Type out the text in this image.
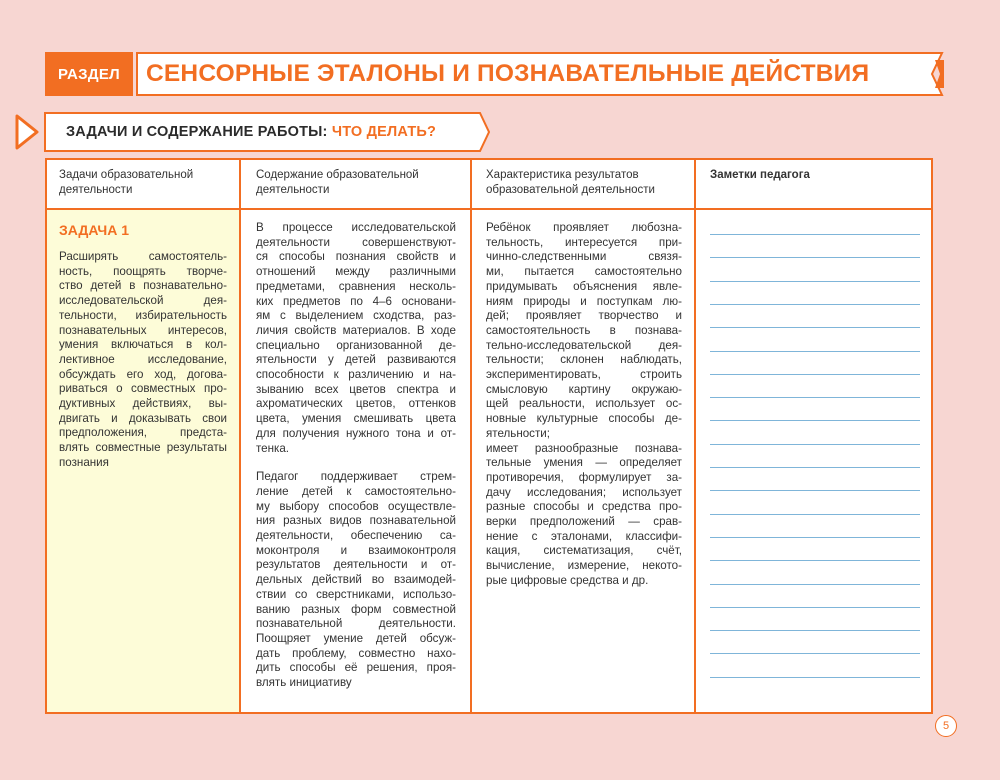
РАЗДЕЛ	СЕНСОРНЫЕ ЭТАЛОНЫ И ПОЗНАВАТЕЛЬНЫЕ ДЕЙСТВИЯ
ЗАДАЧИ И СОДЕРЖАНИЕ РАБОТЫ:
ЧТО ДЕЛАТЬ?
Задачи образовательной
деятельности
Содержание образовательной
деятельности
Характеристика результатов
образовательной деятельности
Заметки педагога
ЗАДАЧА 1
Расширять самостоятель-
ность, поощрять творче-
ство детей в познавательно-
исследовательской дея-
тельности, избирательность
познавательных интересов,
умения включаться в кол-
лективное исследование,
обсуждать его ход, догова-
риваться о совместных про-
дуктивных действиях, вы-
двигать и доказывать свои
предположения, предста-
влять совместные результаты
познания
В процессе исследовательской
деятельности совершенствуют-
ся способы познания свойств и
отношений между различными
предметами, сравнения несколь-
ких предметов по 4–6 основани-
ям с выделением сходства, раз-
личия свойств материалов. В ходе
специально организованной де-
ятельности у детей развиваются
способности к различению и на-
зыванию всех цветов спектра и
ахроматических цветов, оттенков
цвета, умения смешивать цвета
для получения нужного тона и от-
тенка.
Педагог поддерживает стрем-
ление детей к самостоятельно-
му выбору способов осуществле-
ния разных видов познавательной
деятельности, обеспечению са-
моконтроля и взаимоконтроля
результатов деятельности и от-
дельных действий во взаимодей-
ствии со сверстниками, использо-
ванию разных форм совместной
познавательной деятельности.
Поощряет умение детей обсуж-
дать проблему, совместно нахо-
дить способы её решения, проя-
влять инициативу
Ребёнок проявляет любозна-
тельность, интересуется при-
чинно-следственными связя-
ми, пытается самостоятельно
придумывать объяснения явле-
ниям природы и поступкам лю-
дей; проявляет творчество и
самостоятельность в познава-
тельно-исследовательской дея-
тельности; склонен наблюдать,
экспериментировать, строить
смысловую картину окружаю-
щей реальности, использует ос-
новные культурные способы де-
ятельности;
имеет разнообразные познава-
тельные умения — определяет
противоречия, формулирует за-
дачу исследования; использует
разные способы и средства про-
верки предположений — срав-
нение с эталонами, классифи-
кация, систематизация, счёт,
вычисление, измерение, некото-
рые цифровые средства и др.
5
